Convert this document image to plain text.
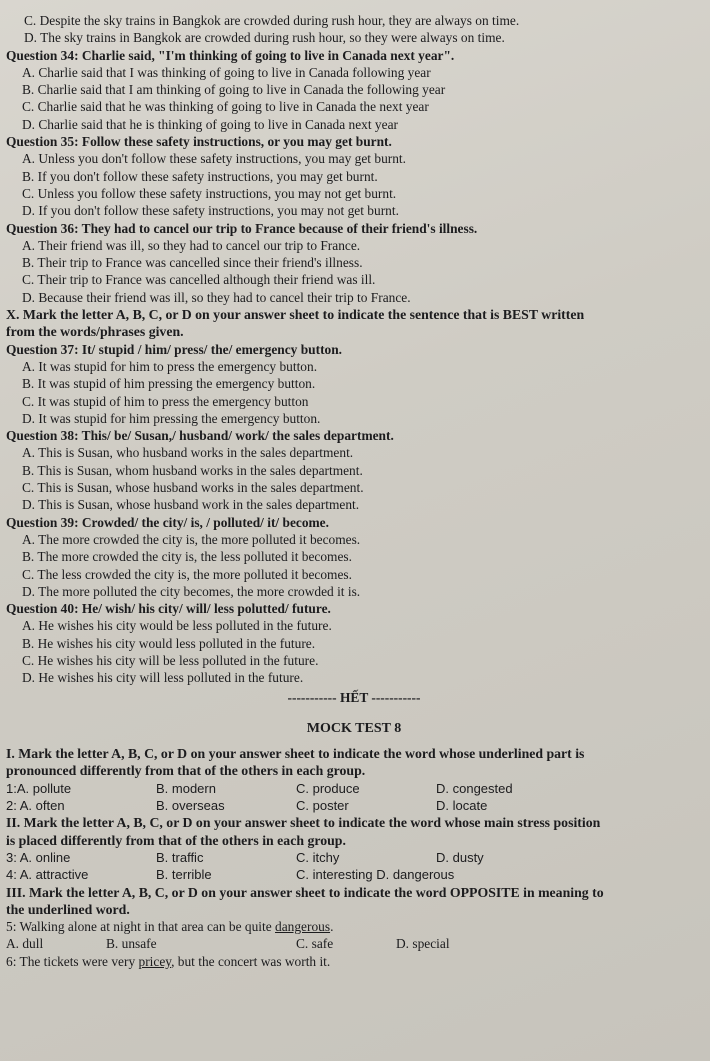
C. Despite the sky trains in Bangkok are crowded during rush hour, they are always on time.
D. The sky trains in Bangkok are crowded during rush hour, so they were always on time.
Question 34: Charlie said, "I'm thinking of going to live in Canada next year".
A. Charlie said that I was thinking of going to live in Canada following year
B. Charlie said that I am thinking of going to live in Canada the following year
C. Charlie said that he was thinking of going to live in Canada the next year
D. Charlie said that he is thinking of going to live in Canada next year
Question 35: Follow these safety instructions, or you may get burnt.
A. Unless you don't follow these safety instructions, you may get burnt.
B. If you don't follow these safety instructions, you may get burnt.
C. Unless you follow these safety instructions, you may not get burnt.
D. If you don't follow these safety instructions, you may not get burnt.
Question 36: They had to cancel our trip to France because of their friend's illness.
A. Their friend was ill, so they had to cancel our trip to France.
B. Their trip to France was cancelled since their friend's illness.
C. Their trip to France was cancelled although their friend was ill.
D. Because their friend was ill, so they had to cancel their trip to France.
X. Mark the letter A, B, C, or D on your answer sheet to indicate the sentence that is BEST written
from the words/phrases given.
Question 37: It/ stupid / him/ press/ the/ emergency button.
A. It was stupid for him to press the emergency button.
B. It was stupid of him pressing the emergency button.
C. It was stupid of him to press the emergency button
D. It was stupid for him pressing the emergency button.
Question 38: This/ be/ Susan,/ husband/ work/ the sales department.
A. This is Susan, who husband works in the sales department.
B. This is Susan, whom husband works in the sales department.
C. This is Susan, whose husband works in the sales department.
D. This is Susan, whose husband work in the sales department.
Question 39: Crowded/ the city/ is, / polluted/ it/ become.
A. The more crowded the city is, the more polluted it becomes.
B. The more crowded the city is, the less polluted it becomes.
C. The less crowded the city is, the more polluted it becomes.
D. The more polluted the city becomes, the more crowded it is.
Question 40: He/ wish/ his city/ will/ less polutted/ future.
A. He wishes his city would be less polluted in the future.
B. He wishes his city would less polluted in the future.
C. He wishes his city will be less polluted in the future.
D. He wishes his city will less polluted in the future.
----------- HẾT -----------
MOCK TEST 8
I. Mark the letter A, B, C, or D on your answer sheet to indicate the word whose underlined part is
pronounced differently from that of the others in each group.
1:A. pollute	B. modern	C. produce	D. congested
2: A. often	B. overseas	C. poster	D. locate
II. Mark the letter A, B, C, or D on your answer sheet to indicate the word whose main stress position
is placed differently from that of the others in each group.
3: A. online	B. traffic	C. itchy	D. dusty
4: A. attractive	B. terrible	C. interesting D. dangerous
III. Mark the letter A, B, C, or D on your answer sheet to indicate the word OPPOSITE in meaning to
the underlined word.
5: Walking alone at night in that area can be quite dangerous.
A. dull	B. unsafe	C. safe	D. special
6: The tickets were very pricey, but the concert was worth it.
